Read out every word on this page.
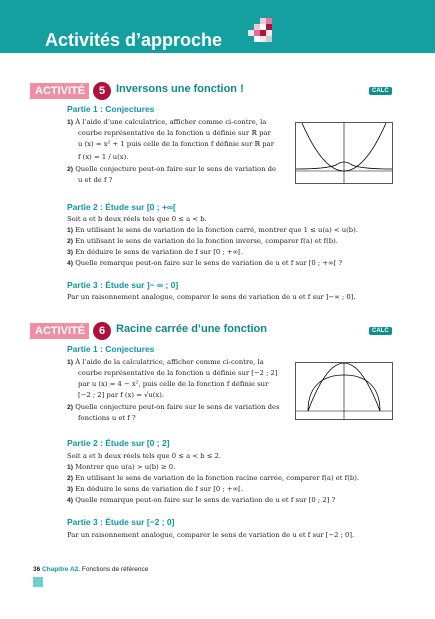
Activités d’approche
ACTIVITÉ	5 Inversons une fonction !	CALC
Partie 1 : Conjectures
1) À l’aide d’une calculatrice, afficher comme ci-contre, la
courbe représentative de la fonction u définie sur ℝ par
u (x) = x² + 1 puis celle de la fonction f définie sur ℝ par
f (x) = 1 / u(x).
2) Quelle conjecture peut-on faire sur le sens de variation de
u et de f ?
Partie 2 : Étude sur [0 ; +∞[
Soit a et b deux réels tels que 0 ≤ a < b.
1) En utilisant le sens de variation de la fonction carré, montrer que 1 ≤ u(a) < u(b).
2) En utilisant le sens de variation de la fonction inverse, comparer f(a) et f(b).
3) En déduire le sens de variation de f sur [0 ; +∞[.
4) Quelle remarque peut-on faire sur le sens de variation de u et f sur [0 ; +∞[ ?
Partie 3 : Étude sur ]− ∞ ; 0]
Par un raisonnement analogue, comparer le sens de variation de u et f sur ]−∞ ; 0].
ACTIVITÉ	6 Racine carrée d’une fonction	CALC
Partie 1 : Conjectures
1) À l’aide de la calculatrice, afficher comme ci-contre, la
courbe représentative de la fonction u définie sur [−2 ; 2]
par u (x) = 4 − x², puis celle de la fonction f définie sur
[−2 ; 2] par f (x) = √u(x).
2) Quelle conjecture peut-on faire sur le sens de variation des
fonctions u et f ?
Partie 2 : Étude sur [0 ; 2]
Soit a et b deux réels tels que 0 ≤ a < b ≤ 2.
1) Montrer que u(a) > u(b) ≥ 0.
2) En utilisant le sens de variation de la fonction racine carrée, comparer f(a) et f(b).
3) En déduire le sens de variation de f sur [0 ; +∞[.
4) Quelle remarque peut-on faire sur le sens de variation de u et f sur [0 ; 2] ?
Partie 3 : Étude sur [−2 ; 0]
Par un raisonnement analogue, comparer le sens de variation de u et f sur [−2 ; 0].
36 Chapitre A2. Fonctions de référence
